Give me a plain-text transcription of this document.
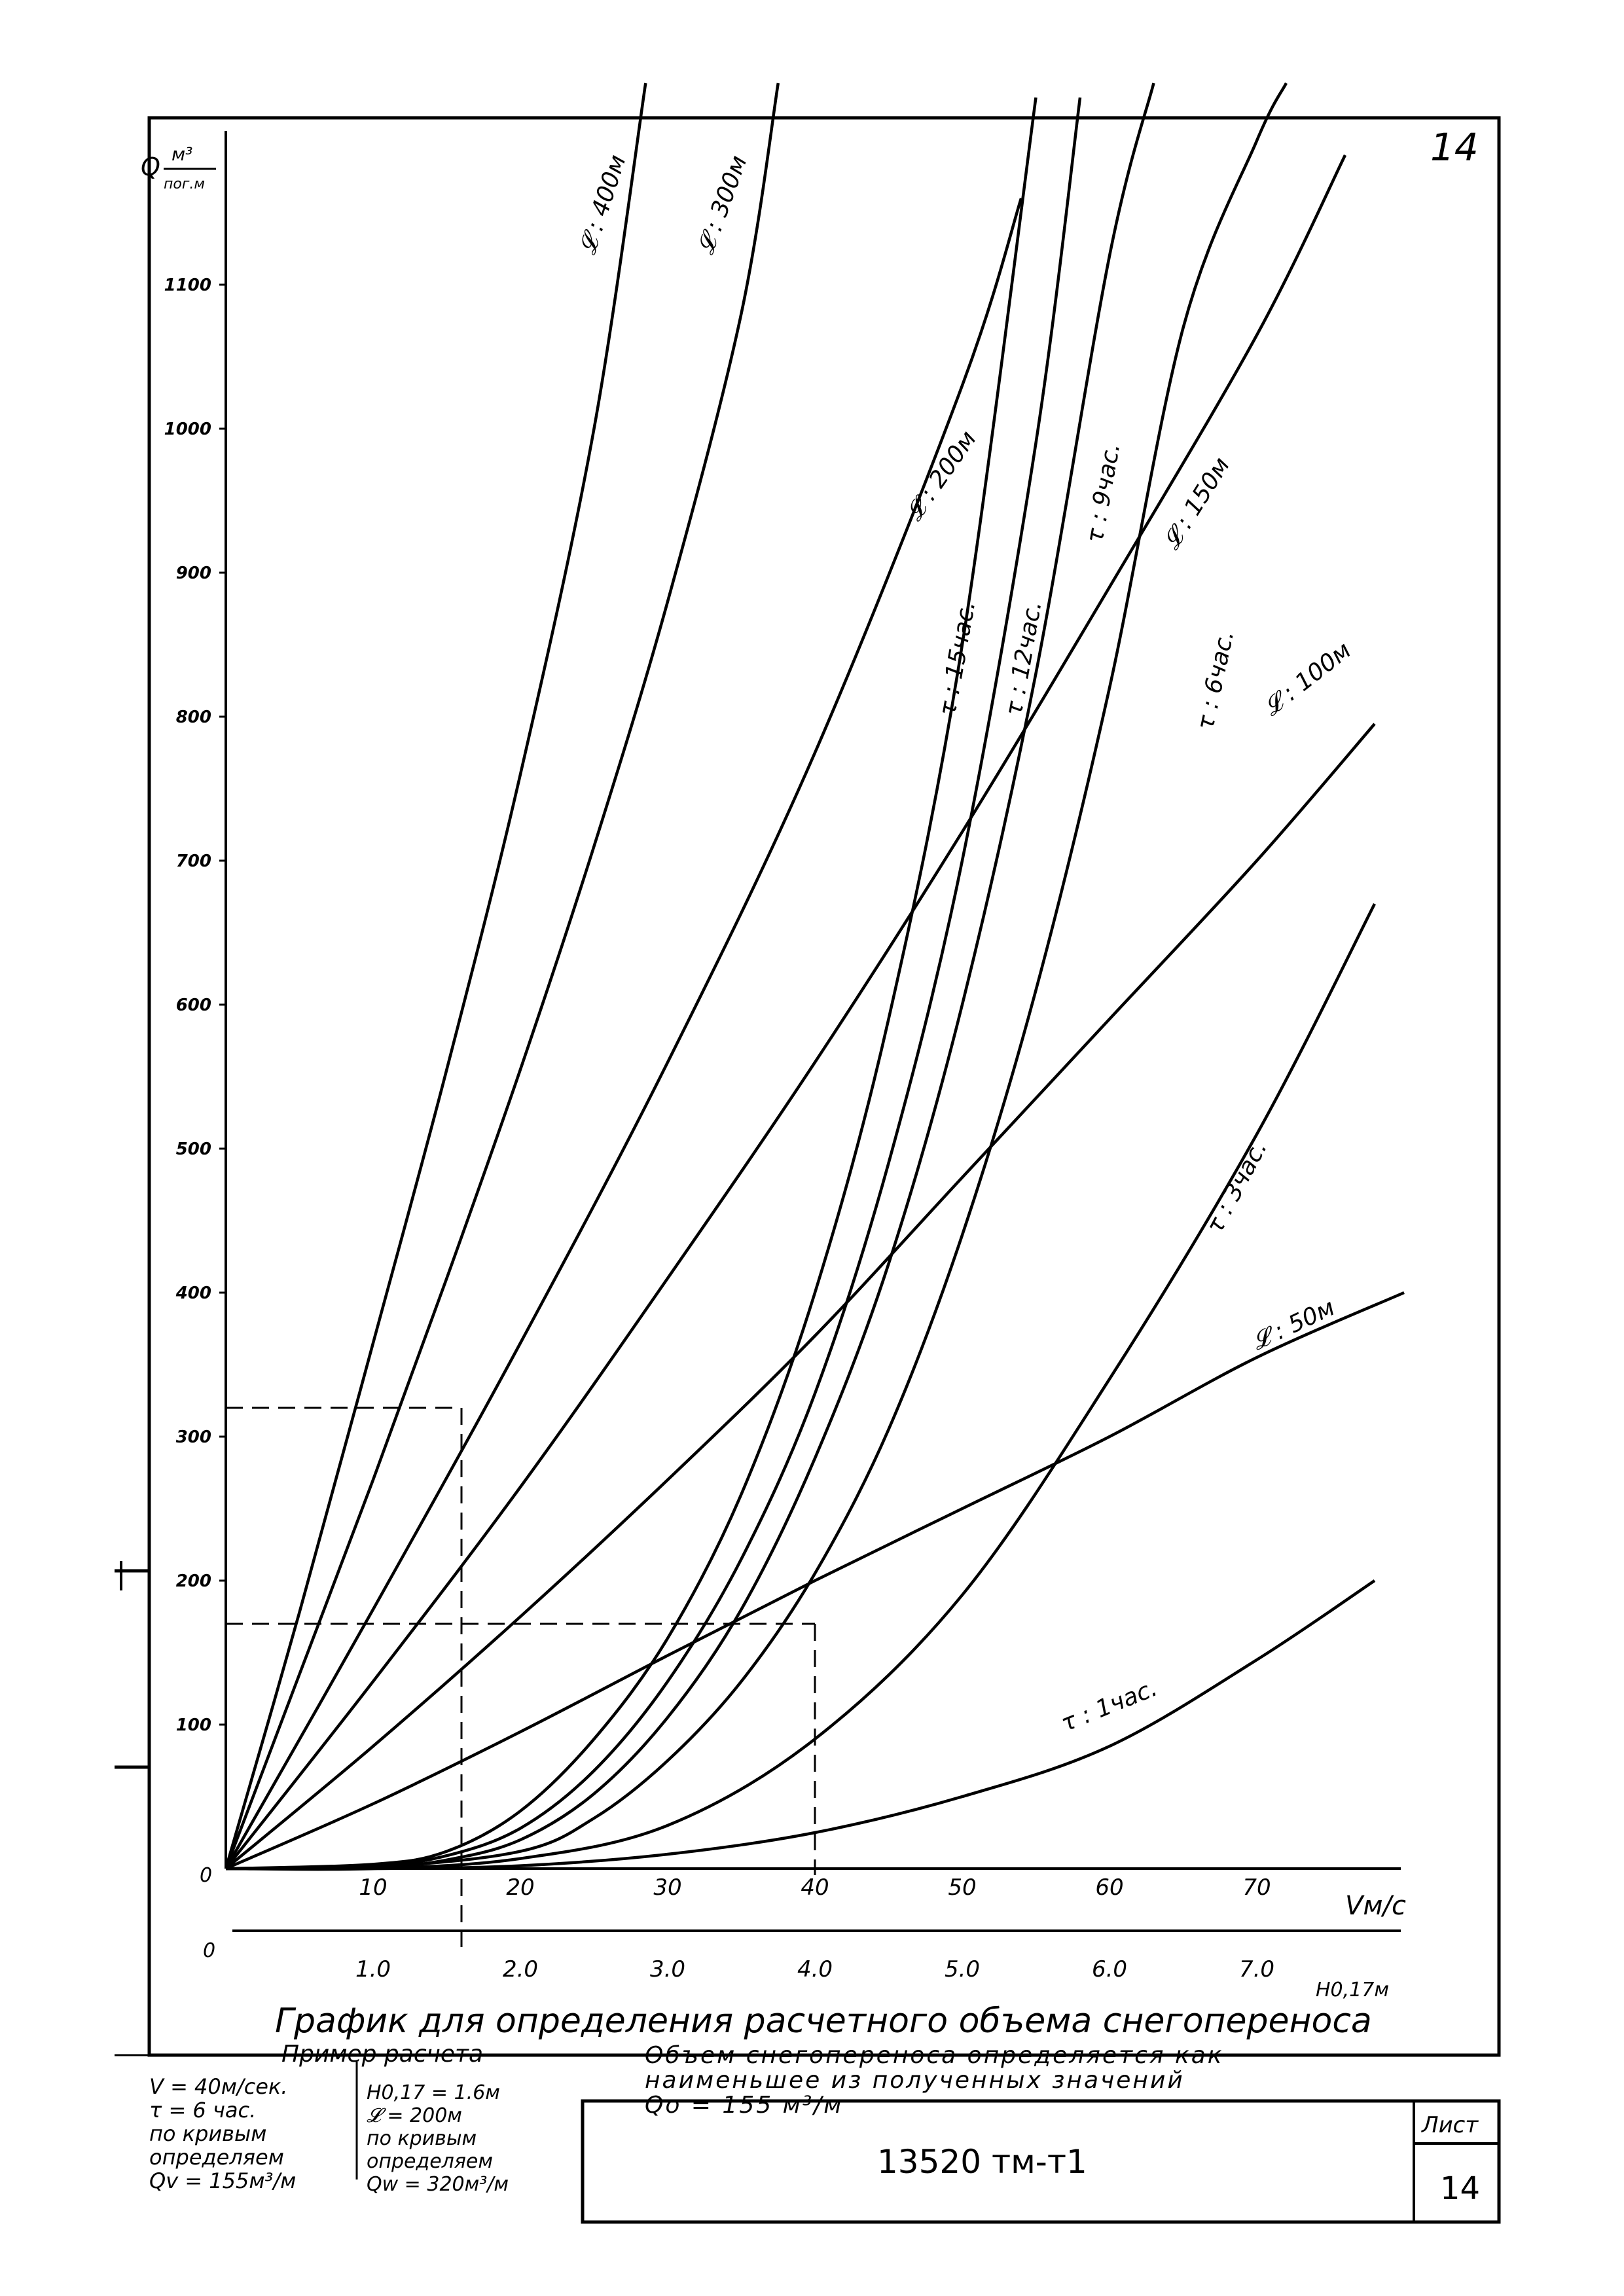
14
Q м³
пог.м
0
0
Vм/с
H0,17м
100
200
300
400
500
600
700
800
900
1000
1100
10	20	30	40	50	60	70
1.0	2.0	3.0	4.0	5.0	6.0	7.0
𝓛 : 400м	𝓛 : 300м
𝓛 : 200м	𝓛 : 150м
𝓛 : 100м
𝓛 : 50м
τ : 15час. τ : 12час.
τ : 9час.
τ : 6час.
τ : 3час.
τ : 1час.
График для определения расчетного объема снегопереноса
13520 тм-т1
Лист
14
Пример расчета
V = 40м/сек.
τ = 6 час.
по кривым
определяем
Qv = 155м³/м
H0,17 = 1.6м
𝓛 = 200м
по кривым
определяем
Qw = 320м³/м
Объем снегопереноса определяется как
наименьшее из полученных значений
Qo = 155 м³/м
